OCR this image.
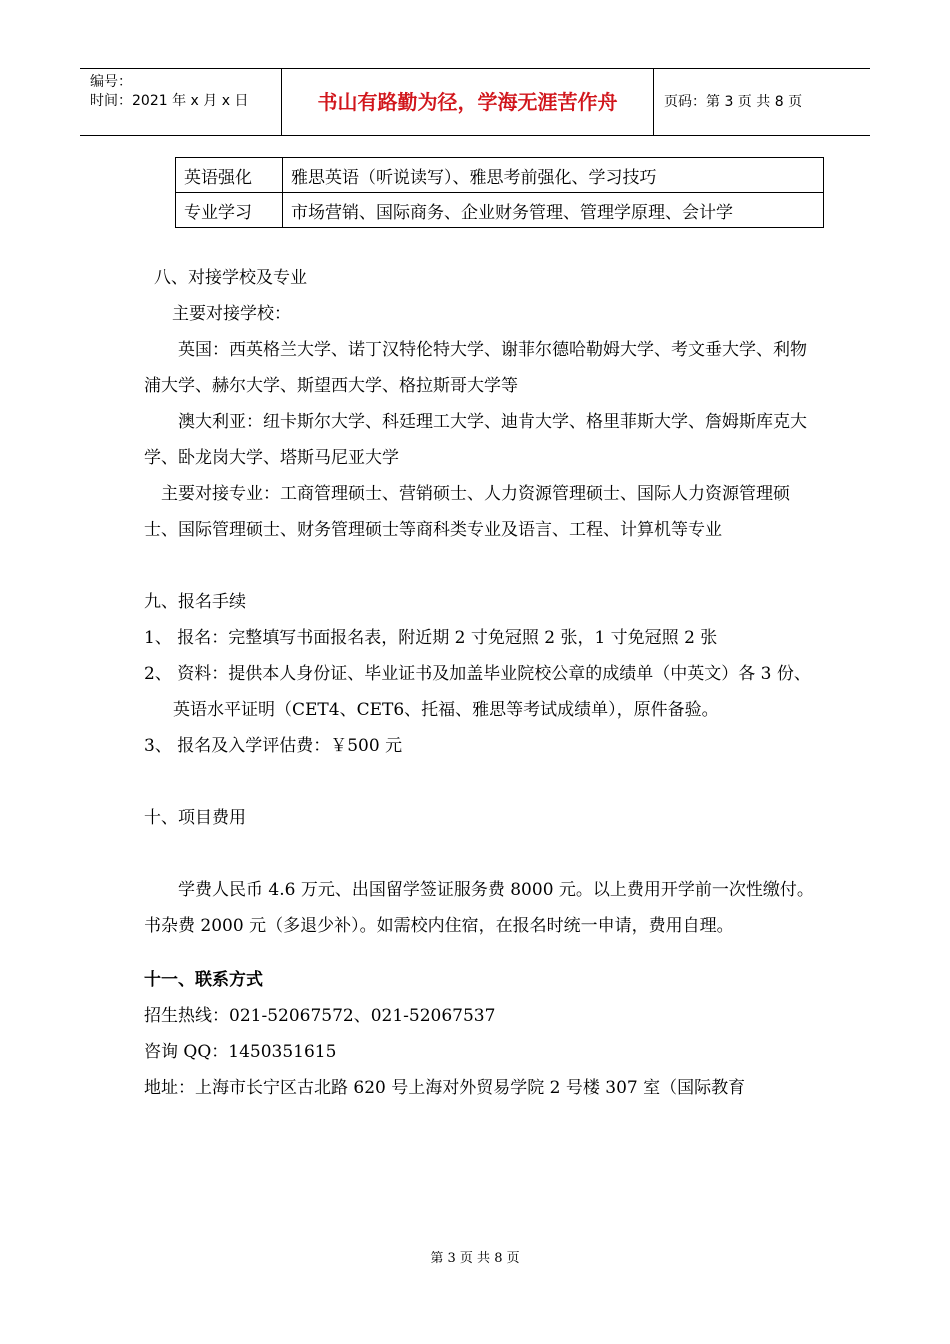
编号：
时间：2021 年 x 月 x 日	书山有路勤为径，学海无涯苦作舟	页码：第 3 页 共 8 页
英语强化	雅思英语（听说读写）、雅思考前强化、学习技巧
专业学习	市场营销、国际商务、企业财务管理、管理学原理、会计学

八、对接学校及专业

主要对接学校：

英国：西英格兰大学、诺丁汉特伦特大学、谢菲尔德哈勒姆大学、考文垂大学、利物浦大学、赫尔大学、斯望西大学、格拉斯哥大学等

澳大利亚：纽卡斯尔大学、科廷理工大学、迪肯大学、格里菲斯大学、詹姆斯库克大学、卧龙岗大学、塔斯马尼亚大学

主要对接专业：工商管理硕士、营销硕士、人力资源管理硕士、国际人力资源管理硕士、国际管理硕士、财务管理硕士等商科类专业及语言、工程、计算机等专业

九、报名手续

1、 报名：完整填写书面报名表，附近期 2 寸免冠照 2 张，1 寸免冠照 2 张

2、 资料：提供本人身份证、毕业证书及加盖毕业院校公章的成绩单（中英文）各 3 份、英语水平证明（CET4、CET6、托福、雅思等考试成绩单），原件备验。

3、 报名及入学评估费：￥500 元

十、项目费用

学费人民币 4.6 万元、出国留学签证服务费 8000 元。以上费用开学前一次性缴付。书杂费 2000 元（多退少补）。如需校内住宿，在报名时统一申请，费用自理。

十一、联系方式

招生热线：021-52067572、021-52067537

咨询 QQ：1450351615

地址：上海市长宁区古北路 620 号上海对外贸易学院 2 号楼 307 室（国际教育

第 3 页 共 8 页
